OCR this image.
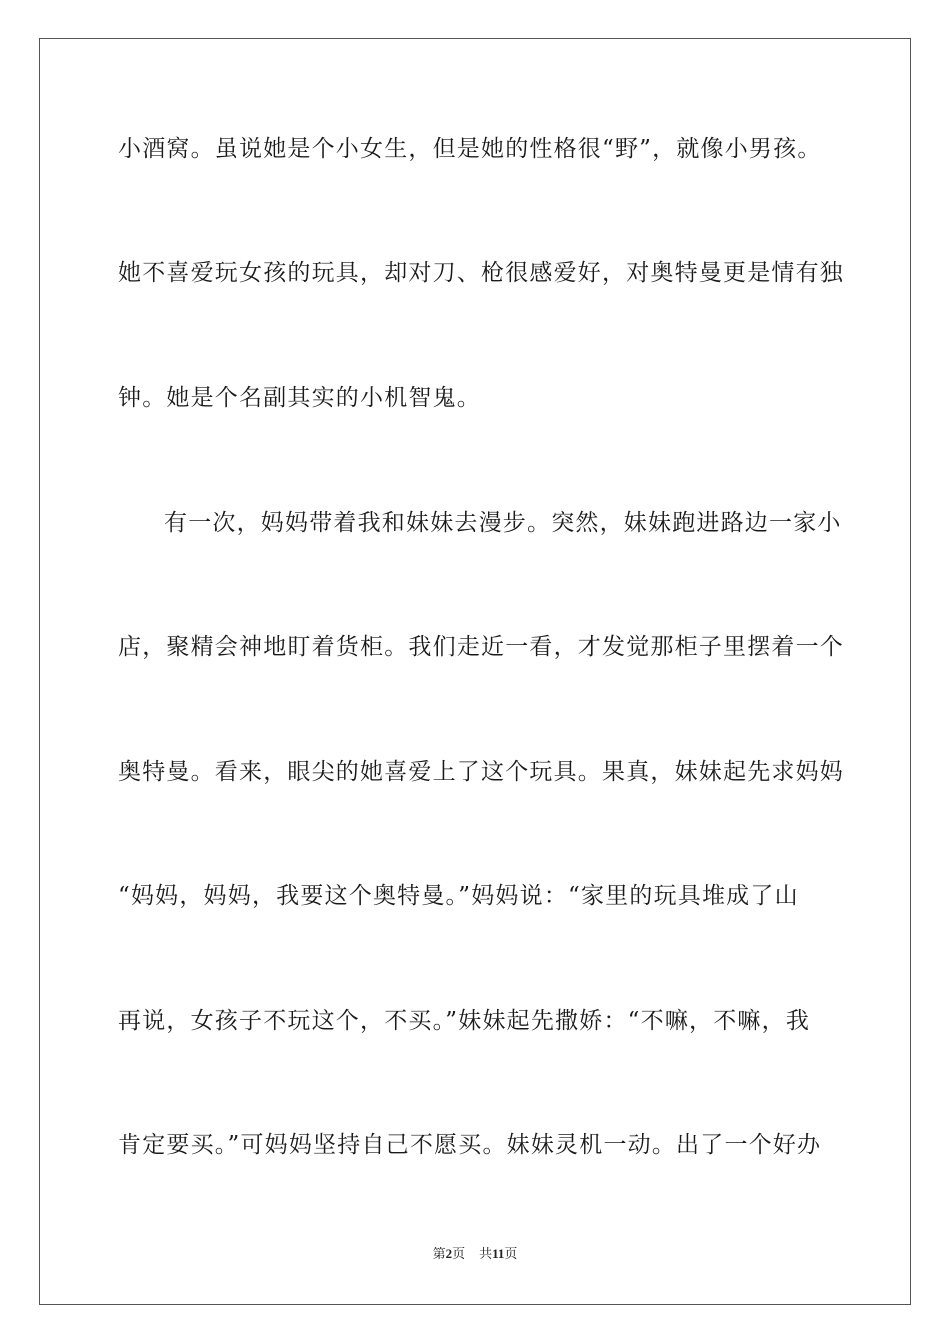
小酒窝。虽说她是个小女生，但是她的性格很“野”，就像小男孩。
她不喜爱玩女孩的玩具，却对刀、枪很感爱好，对奥特曼更是情有独
钟。她是个名副其实的小机智鬼。
有一次，妈妈带着我和妹妹去漫步。突然，妹妹跑进路边一家小
店，聚精会神地盯着货柜。我们走近一看，才发觉那柜子里摆着一个
奥特曼。看来，眼尖的她喜爱上了这个玩具。果真，妹妹起先求妈妈
“妈妈，妈妈，我要这个奥特曼。”妈妈说：“家里的玩具堆成了山
再说，女孩子不玩这个，不买。”妹妹起先撒娇：“不嘛，不嘛，我
肯定要买。”可妈妈坚持自己不愿买。妹妹灵机一动。出了一个好办
第2页 共11页
